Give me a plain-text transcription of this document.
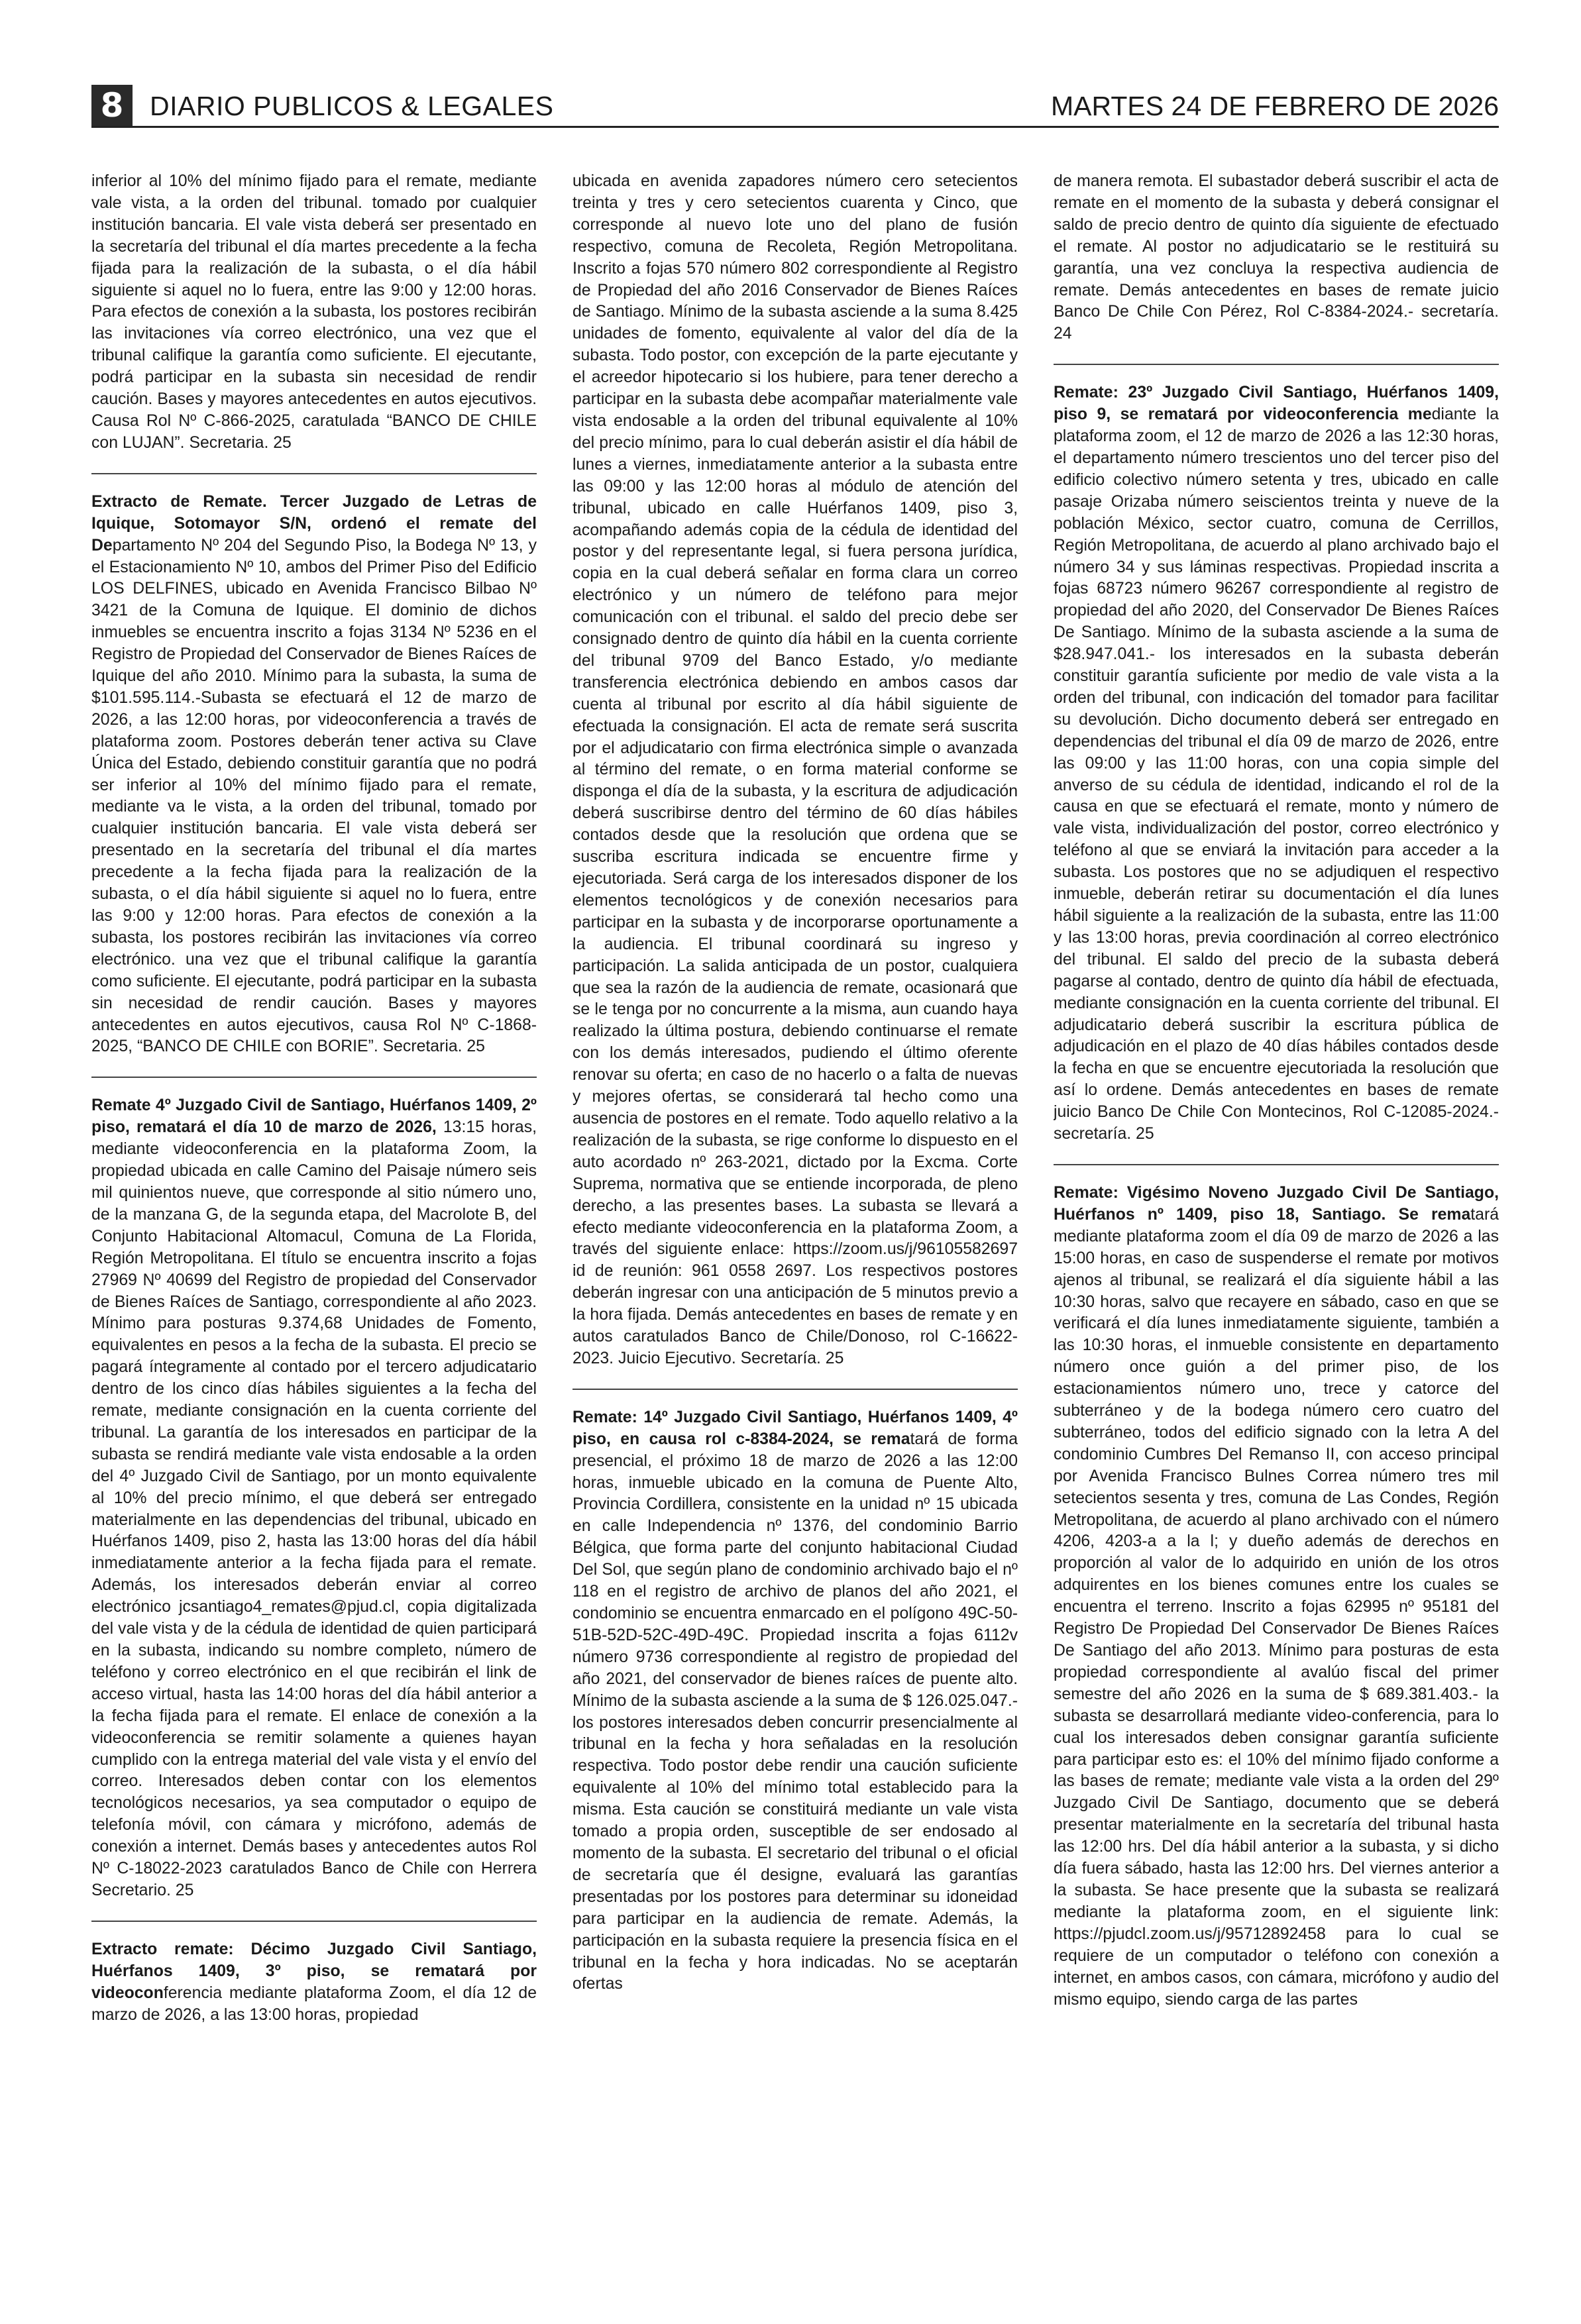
8 DIARIO PUBLICOS & LEGALES	MARTES 24 DE FEBRERO DE 2026

inferior al 10% del mínimo fijado para el remate, mediante vale vista, a la orden del tribunal. tomado por cualquier institución bancaria. El vale vista deberá ser presentado en la secretaría del tribunal el día martes precedente a la fecha fijada para la realización de la subasta, o el día hábil siguiente si aquel no lo fuera, entre las 9:00 y 12:00 horas. Para efectos de conexión a la subasta, los postores recibirán las invitaciones vía correo electrónico, una vez que el tribunal califique la garantía como suficiente. El ejecutante, podrá participar en la subasta sin necesidad de rendir caución. Bases y mayores antecedentes en autos ejecutivos. Causa Rol Nº C-866-2025, caratulada “BANCO DE CHILE con LUJAN”. Secretaria. 25

Extracto de Remate. Tercer Juzgado de Letras de Iquique, Sotomayor S/N, ordenó el remate del Departamento Nº 204 del Segundo Piso, la Bodega Nº 13, y el Estacionamiento Nº 10, ambos del Primer Piso del Edificio LOS DELFINES, ubicado en Avenida Francisco Bilbao Nº 3421 de la Comuna de Iquique. El dominio de dichos inmuebles se encuentra inscrito a fojas 3134 Nº 5236 en el Registro de Propiedad del Conservador de Bienes Raíces de Iquique del año 2010. Mínimo para la subasta, la suma de $101.595.114.-Subasta se efectuará el 12 de marzo de 2026, a las 12:00 horas, por videoconferencia a través de plataforma zoom. Postores deberán tener activa su Clave Única del Estado, debiendo constituir garantía que no podrá ser inferior al 10% del mínimo fijado para el remate, mediante va le vista, a la orden del tribunal, tomado por cualquier institución bancaria. El vale vista deberá ser presentado en la secretaría del tribunal el día martes precedente a la fecha fijada para la realización de la subasta, o el día hábil siguiente si aquel no lo fuera, entre las 9:00 y 12:00 horas. Para efectos de conexión a la subasta, los postores recibirán las invitaciones vía correo electrónico. una vez que el tribunal califique la garantía como suficiente. El ejecutante, podrá participar en la subasta sin necesidad de rendir caución. Bases y mayores antecedentes en autos ejecutivos, causa Rol Nº C-1868-2025, “BANCO DE CHILE con BORIE”. Secretaria. 25

Remate 4º Juzgado Civil de Santiago, Huérfanos 1409, 2º piso, rematará el día 10 de marzo de 2026, 13:15 horas, mediante videoconferencia en la plataforma Zoom, la propiedad ubicada en calle Camino del Paisaje número seis mil quinientos nueve, que corresponde al sitio número uno, de la manzana G, de la segunda etapa, del Macrolote B, del Conjunto Habitacional Altomacul, Comuna de La Florida, Región Metropolitana. El título se encuentra inscrito a fojas 27969 Nº 40699 del Registro de propiedad del Conservador de Bienes Raíces de Santiago, correspondiente al año 2023. Mínimo para posturas 9.374,68 Unidades de Fomento, equivalentes en pesos a la fecha de la subasta. El precio se pagará íntegramente al contado por el tercero adjudicatario dentro de los cinco días hábiles siguientes a la fecha del remate, mediante consignación en la cuenta corriente del tribunal. La garantía de los interesados en participar de la subasta se rendirá mediante vale vista endosable a la orden del 4º Juzgado Civil de Santiago, por un monto equivalente al 10% del precio mínimo, el que deberá ser entregado materialmente en las dependencias del tribunal, ubicado en Huérfanos 1409, piso 2, hasta las 13:00 horas del día hábil inmediatamente anterior a la fecha fijada para el remate. Además, los interesados deberán enviar al correo electrónico jcsantiago4_remates@pjud.cl, copia digitalizada del vale vista y de la cédula de identidad de quien participará en la subasta, indicando su nombre completo, número de teléfono y correo electrónico en el que recibirán el link de acceso virtual, hasta las 14:00 horas del día hábil anterior a la fecha fijada para el remate. El enlace de conexión a la videoconferencia se remitir solamente a quienes hayan cumplido con la entrega material del vale vista y el envío del correo. Interesados deben contar con los elementos tecnológicos necesarios, ya sea computador o equipo de telefonía móvil, con cámara y micrófono, además de conexión a internet. Demás bases y antecedentes autos Rol Nº C-18022-2023 caratulados Banco de Chile con Herrera Secretario. 25

Extracto remate: Décimo Juzgado Civil Santiago, Huérfanos 1409, 3º piso, se rematará por videoconferencia mediante plataforma Zoom, el día 12 de marzo de 2026, a las 13:00 horas, propiedad

ubicada en avenida zapadores número cero setecientos treinta y tres y cero setecientos cuarenta y Cinco, que corresponde al nuevo lote uno del plano de fusión respectivo, comuna de Recoleta, Región Metropolitana. Inscrito a fojas 570 número 802 correspondiente al Registro de Propiedad del año 2016 Conservador de Bienes Raíces de Santiago. Mínimo de la subasta asciende a la suma 8.425 unidades de fomento, equivalente al valor del día de la subasta. Todo postor, con excepción de la parte ejecutante y el acreedor hipotecario si los hubiere, para tener derecho a participar en la subasta debe acompañar materialmente vale vista endosable a la orden del tribunal equivalente al 10% del precio mínimo, para lo cual deberán asistir el día hábil de lunes a viernes, inmediatamente anterior a la subasta entre las 09:00 y las 12:00 horas al módulo de atención del tribunal, ubicado en calle Huérfanos 1409, piso 3, acompañando además copia de la cédula de identidad del postor y del representante legal, si fuera persona jurídica, copia en la cual deberá señalar en forma clara un correo electrónico y un número de teléfono para mejor comunicación con el tribunal. el saldo del precio debe ser consignado dentro de quinto día hábil en la cuenta corriente del tribunal 9709 del Banco Estado, y/o mediante transferencia electrónica debiendo en ambos casos dar cuenta al tribunal por escrito al día hábil siguiente de efectuada la consignación. El acta de remate será suscrita por el adjudicatario con firma electrónica simple o avanzada al término del remate, o en forma material conforme se disponga el día de la subasta, y la escritura de adjudicación deberá suscribirse dentro del término de 60 días hábiles contados desde que la resolución que ordena que se suscriba escritura indicada se encuentre firme y ejecutoriada. Será carga de los interesados disponer de los elementos tecnológicos y de conexión necesarios para participar en la subasta y de incorporarse oportunamente a la audiencia. El tribunal coordinará su ingreso y participación. La salida anticipada de un postor, cualquiera que sea la razón de la audiencia de remate, ocasionará que se le tenga por no concurrente a la misma, aun cuando haya realizado la última postura, debiendo continuarse el remate con los demás interesados, pudiendo el último oferente renovar su oferta; en caso de no hacerlo o a falta de nuevas y mejores ofertas, se considerará tal hecho como una ausencia de postores en el remate. Todo aquello relativo a la realización de la subasta, se rige conforme lo dispuesto en el auto acordado nº 263-2021, dictado por la Excma. Corte Suprema, normativa que se entiende incorporada, de pleno derecho, a las presentes bases. La subasta se llevará a efecto mediante videoconferencia en la plataforma Zoom, a través del siguiente enlace: https://zoom.us/j/96105582697 id de reunión: 961 0558 2697. Los respectivos postores deberán ingresar con una anticipación de 5 minutos previo a la hora fijada. Demás antecedentes en bases de remate y en autos caratulados Banco de Chile/Donoso, rol C-16622-2023. Juicio Ejecutivo. Secretaría. 25

Remate: 14º Juzgado Civil Santiago, Huérfanos 1409, 4º piso, en causa rol c-8384-2024, se rematará de forma presencial, el próximo 18 de marzo de 2026 a las 12:00 horas, inmueble ubicado en la comuna de Puente Alto, Provincia Cordillera, consistente en la unidad nº 15 ubicada en calle Independencia nº 1376, del condominio Barrio Bélgica, que forma parte del conjunto habitacional Ciudad Del Sol, que según plano de condominio archivado bajo el nº 118 en el registro de archivo de planos del año 2021, el condominio se encuentra enmarcado en el polígono 49C-50-51B-52D-52C-49D-49C. Propiedad inscrita a fojas 6112v número 9736 correspondiente al registro de propiedad del año 2021, del conservador de bienes raíces de puente alto. Mínimo de la subasta asciende a la suma de $ 126.025.047.- los postores interesados deben concurrir presencialmente al tribunal en la fecha y hora señaladas en la resolución respectiva. Todo postor debe rendir una caución suficiente equivalente al 10% del mínimo total establecido para la misma. Esta caución se constituirá mediante un vale vista tomado a propia orden, susceptible de ser endosado al momento de la subasta. El secretario del tribunal o el oficial de secretaría que él designe, evaluará las garantías presentadas por los postores para determinar su idoneidad para participar en la audiencia de remate. Además, la participación en la subasta requiere la presencia física en el tribunal en la fecha y hora indicadas. No se aceptarán ofertas

de manera remota. El subastador deberá suscribir el acta de remate en el momento de la subasta y deberá consignar el saldo de precio dentro de quinto día siguiente de efectuado el remate. Al postor no adjudicatario se le restituirá su garantía, una vez concluya la respectiva audiencia de remate. Demás antecedentes en bases de remate juicio Banco De Chile Con Pérez, Rol C-8384-2024.- secretaría. 24

Remate: 23º Juzgado Civil Santiago, Huérfanos 1409, piso 9, se rematará por videoconferencia mediante la plataforma zoom, el 12 de marzo de 2026 a las 12:30 horas, el departamento número trescientos uno del tercer piso del edificio colectivo número setenta y tres, ubicado en calle pasaje Orizaba número seiscientos treinta y nueve de la población México, sector cuatro, comuna de Cerrillos, Región Metropolitana, de acuerdo al plano archivado bajo el número 34 y sus láminas respectivas. Propiedad inscrita a fojas 68723 número 96267 correspondiente al registro de propiedad del año 2020, del Conservador De Bienes Raíces De Santiago. Mínimo de la subasta asciende a la suma de $28.947.041.- los interesados en la subasta deberán constituir garantía suficiente por medio de vale vista a la orden del tribunal, con indicación del tomador para facilitar su devolución. Dicho documento deberá ser entregado en dependencias del tribunal el día 09 de marzo de 2026, entre las 09:00 y las 11:00 horas, con una copia simple del anverso de su cédula de identidad, indicando el rol de la causa en que se efectuará el remate, monto y número de vale vista, individualización del postor, correo electrónico y teléfono al que se enviará la invitación para acceder a la subasta. Los postores que no se adjudiquen el respectivo inmueble, deberán retirar su documentación el día lunes hábil siguiente a la realización de la subasta, entre las 11:00 y las 13:00 horas, previa coordinación al correo electrónico del tribunal. El saldo del precio de la subasta deberá pagarse al contado, dentro de quinto día hábil de efectuada, mediante consignación en la cuenta corriente del tribunal. El adjudicatario deberá suscribir la escritura pública de adjudicación en el plazo de 40 días hábiles contados desde la fecha en que se encuentre ejecutoriada la resolución que así lo ordene. Demás antecedentes en bases de remate juicio Banco De Chile Con Montecinos, Rol C-12085-2024.- secretaría. 25

Remate: Vigésimo Noveno Juzgado Civil De Santiago, Huérfanos nº 1409, piso 18, Santiago. Se rematará mediante plataforma zoom el día 09 de marzo de 2026 a las 15:00 horas, en caso de suspenderse el remate por motivos ajenos al tribunal, se realizará el día siguiente hábil a las 10:30 horas, salvo que recayere en sábado, caso en que se verificará el día lunes inmediatamente siguiente, también a las 10:30 horas, el inmueble consistente en departamento número once guión a del primer piso, de los estacionamientos número uno, trece y catorce del subterráneo y de la bodega número cero cuatro del subterráneo, todos del edificio signado con la letra A del condominio Cumbres Del Remanso II, con acceso principal por Avenida Francisco Bulnes Correa número tres mil setecientos sesenta y tres, comuna de Las Condes, Región Metropolitana, de acuerdo al plano archivado con el número 4206, 4203-a a la l; y dueño además de derechos en proporción al valor de lo adquirido en unión de los otros adquirentes en los bienes comunes entre los cuales se encuentra el terreno. Inscrito a fojas 62995 nº 95181 del Registro De Propiedad Del Conservador De Bienes Raíces De Santiago del año 2013. Mínimo para posturas de esta propiedad correspondiente al avalúo fiscal del primer semestre del año 2026 en la suma de $ 689.381.403.- la subasta se desarrollará mediante video-conferencia, para lo cual los interesados deben consignar garantía suficiente para participar esto es: el 10% del mínimo fijado conforme a las bases de remate; mediante vale vista a la orden del 29º Juzgado Civil De Santiago, documento que se deberá presentar materialmente en la secretaría del tribunal hasta las 12:00 hrs. Del día hábil anterior a la subasta, y si dicho día fuera sábado, hasta las 12:00 hrs. Del viernes anterior a la subasta. Se hace presente que la subasta se realizará mediante la plataforma zoom, en el siguiente link: https://pjudcl.zoom.us/j/95712892458 para lo cual se requiere de un computador o teléfono con conexión a internet, en ambos casos, con cámara, micrófono y audio del mismo equipo, siendo carga de las partes
